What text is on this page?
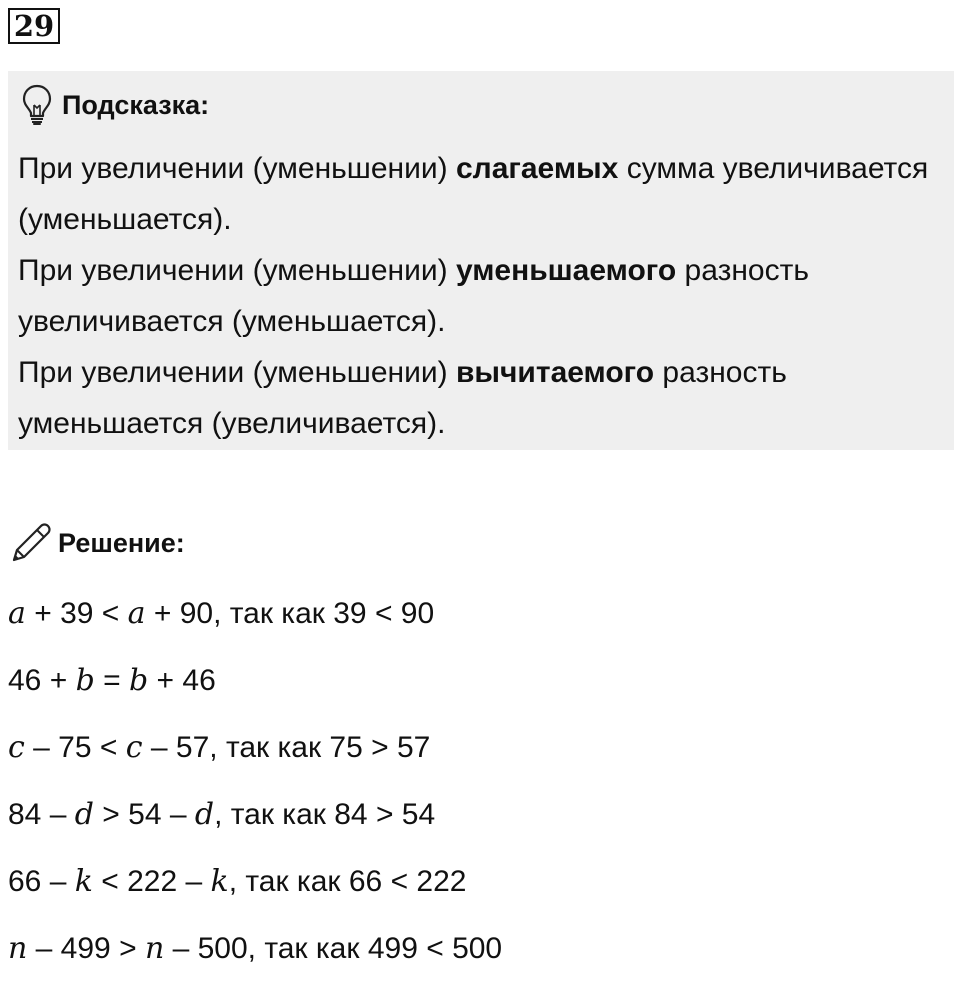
29
Подсказка:

При увеличении (уменьшении) слагаемых сумма увеличивается (уменьшается).

При увеличении (уменьшении) уменьшаемого разность увеличивается (уменьшается).

При увеличении (уменьшении) вычитаемого разность уменьшается (увеличивается).

Решение:
a + 39 < a + 90, так как 39 < 90
46 + b = b + 46
c – 75 < c – 57, так как 75 > 57
84 – d > 54 – d, так как 84 > 54
66 – k < 222 – k, так как 66 < 222
n – 499 > n – 500, так как 499 < 500
